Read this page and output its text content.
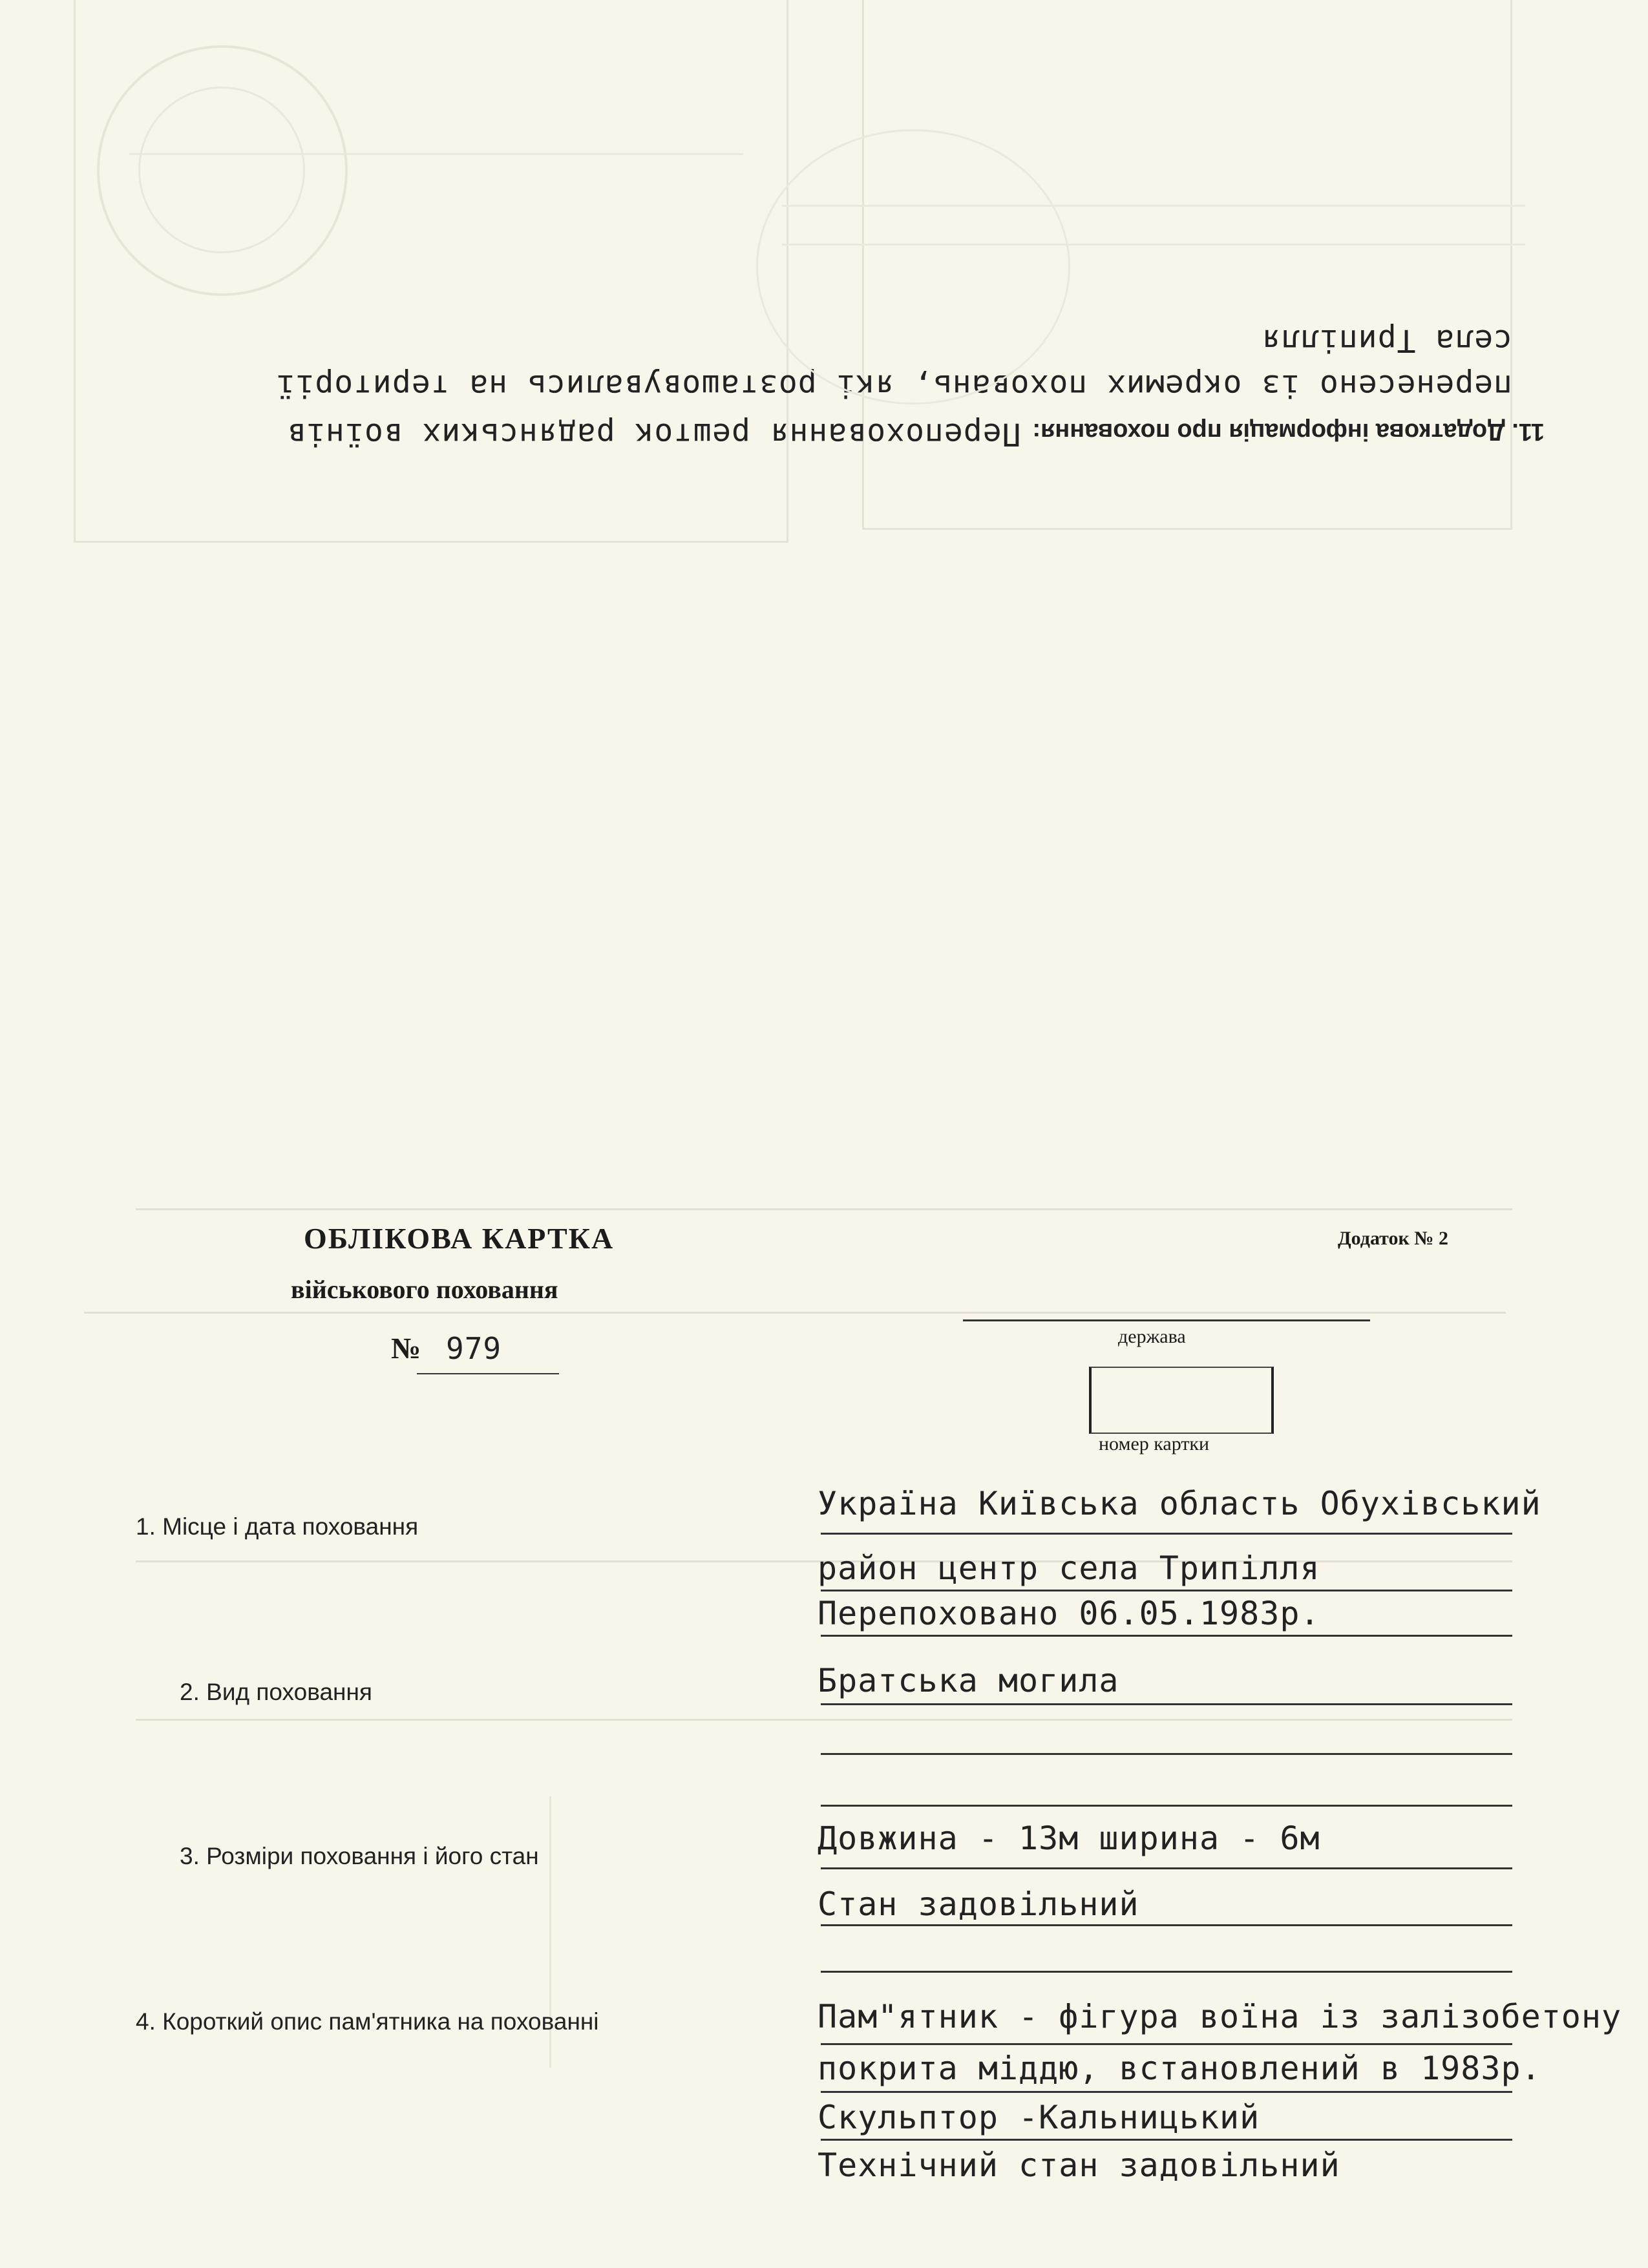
11. Додаткова інформація про поховання: Перепоховання решток радянських воїнів
перенесено із окремих поховань, які розташовувались на території
села Трипілля
ОБЛІКОВА КАРТКА
військового поховання
№ 979
Додаток № 2
держава
номер картки
1. Місце і дата поховання
Україна Київська область Обухівський
район центр села Трипілля
Перепоховано 06.05.1983р.
2. Вид поховання	Братська могила
3. Розміри поховання і його стан	Довжина - 13м ширина - 6м
Стан задовільний
4. Короткий опис пам'ятника на похованні	Пам"ятник - фігура воїна із залізобетону
покрита міддю, встановлений в 1983р.
Скульптор -Кальницький
Технічний стан задовільний
